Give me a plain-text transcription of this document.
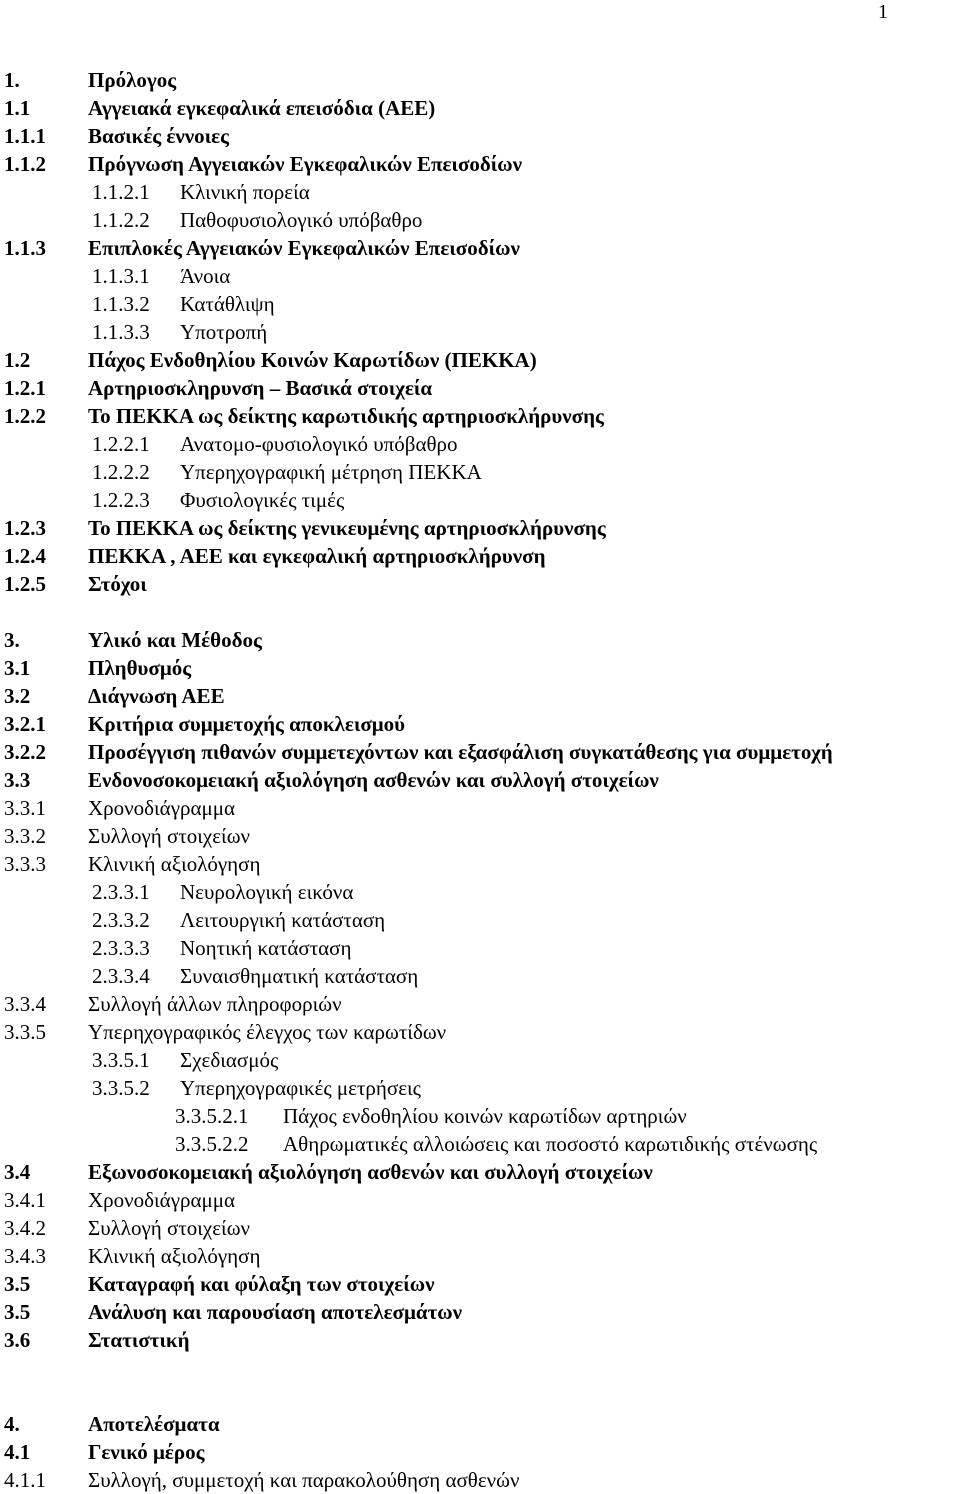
1
1.	Πρόλογος
1.1	Αγγειακά εγκεφαλικά επεισόδια (ΑΕΕ)
1.1.1 Βασικές έννοιες
1.1.2 Πρόγνωση Αγγειακών Εγκεφαλικών Επεισοδίων
1.1.2.1 Κλινική πορεία
1.1.2.2 Παθοφυσιολογικό υπόβαθρο
1.1.3 Επιπλοκές Αγγειακών Εγκεφαλικών Επεισοδίων
1.1.3.1 Άνοια
1.1.3.2 Κατάθλιψη
1.1.3.3 Υποτροπή
1.2	Πάχος Ενδοθηλίου Κοινών Καρωτίδων (ΠΕΚΚΑ)
1.2.1 Αρτηριοσκληρυνση – Βασικά στοιχεία
1.2.2 Το ΠΕΚΚΑ ως δείκτης καρωτιδικής αρτηριοσκλήρυνσης
1.2.2.1 Ανατομο-φυσιολογικό υπόβαθρο
1.2.2.2 Υπερηχογραφική μέτρηση ΠΕΚΚΑ
1.2.2.3 Φυσιολογικές τιμές
1.2.3 Το ΠΕΚΚΑ ως δείκτης γενικευμένης αρτηριοσκλήρυνσης
1.2.4 ΠΕΚΚΑ , ΑΕΕ και εγκεφαλική αρτηριοσκλήρυνση
1.2.5 Στόχοι
3.	Υλικό και Μέθοδος
3.1	Πληθυσμός
3.2	Διάγνωση ΑΕΕ
3.2.1 Κριτήρια συμμετοχής αποκλεισμού
3.2.2 Προσέγγιση πιθανών συμμετεχόντων και εξασφάλιση συγκατάθεσης για συμμετοχή
3.3	Ενδονοσοκομειακή αξιολόγηση ασθενών και συλλογή στοιχείων
3.3.1 Χρονοδιάγραμμα
3.3.2 Συλλογή στοιχείων
3.3.3 Κλινική αξιολόγηση
2.3.3.1 Νευρολογική εικόνα
2.3.3.2 Λειτουργική κατάσταση
2.3.3.3 Νοητική κατάσταση
2.3.3.4 Συναισθηματική κατάσταση
3.3.4 Συλλογή άλλων πληροφοριών
3.3.5 Υπερηχογραφικός έλεγχος των καρωτίδων
3.3.5.1 Σχεδιασμός
3.3.5.2 Υπερηχογραφικές μετρήσεις
3.3.5.2.1 Πάχος ενδοθηλίου κοινών καρωτίδων αρτηριών
3.3.5.2.2 Αθηρωματικές αλλοιώσεις και ποσοστό καρωτιδικής στένωσης
3.4	Εξωνοσοκομειακή αξιολόγηση ασθενών και συλλογή στοιχείων
3.4.1 Χρονοδιάγραμμα
3.4.2 Συλλογή στοιχείων
3.4.3 Κλινική αξιολόγηση
3.5	Καταγραφή και φύλαξη των στοιχείων
3.5	Ανάλυση και παρουσίαση αποτελεσμάτων
3.6	Στατιστική
4.	Αποτελέσματα
4.1	Γενικό μέρος
4.1.1 Συλλογή, συμμετοχή και παρακολούθηση ασθενών
